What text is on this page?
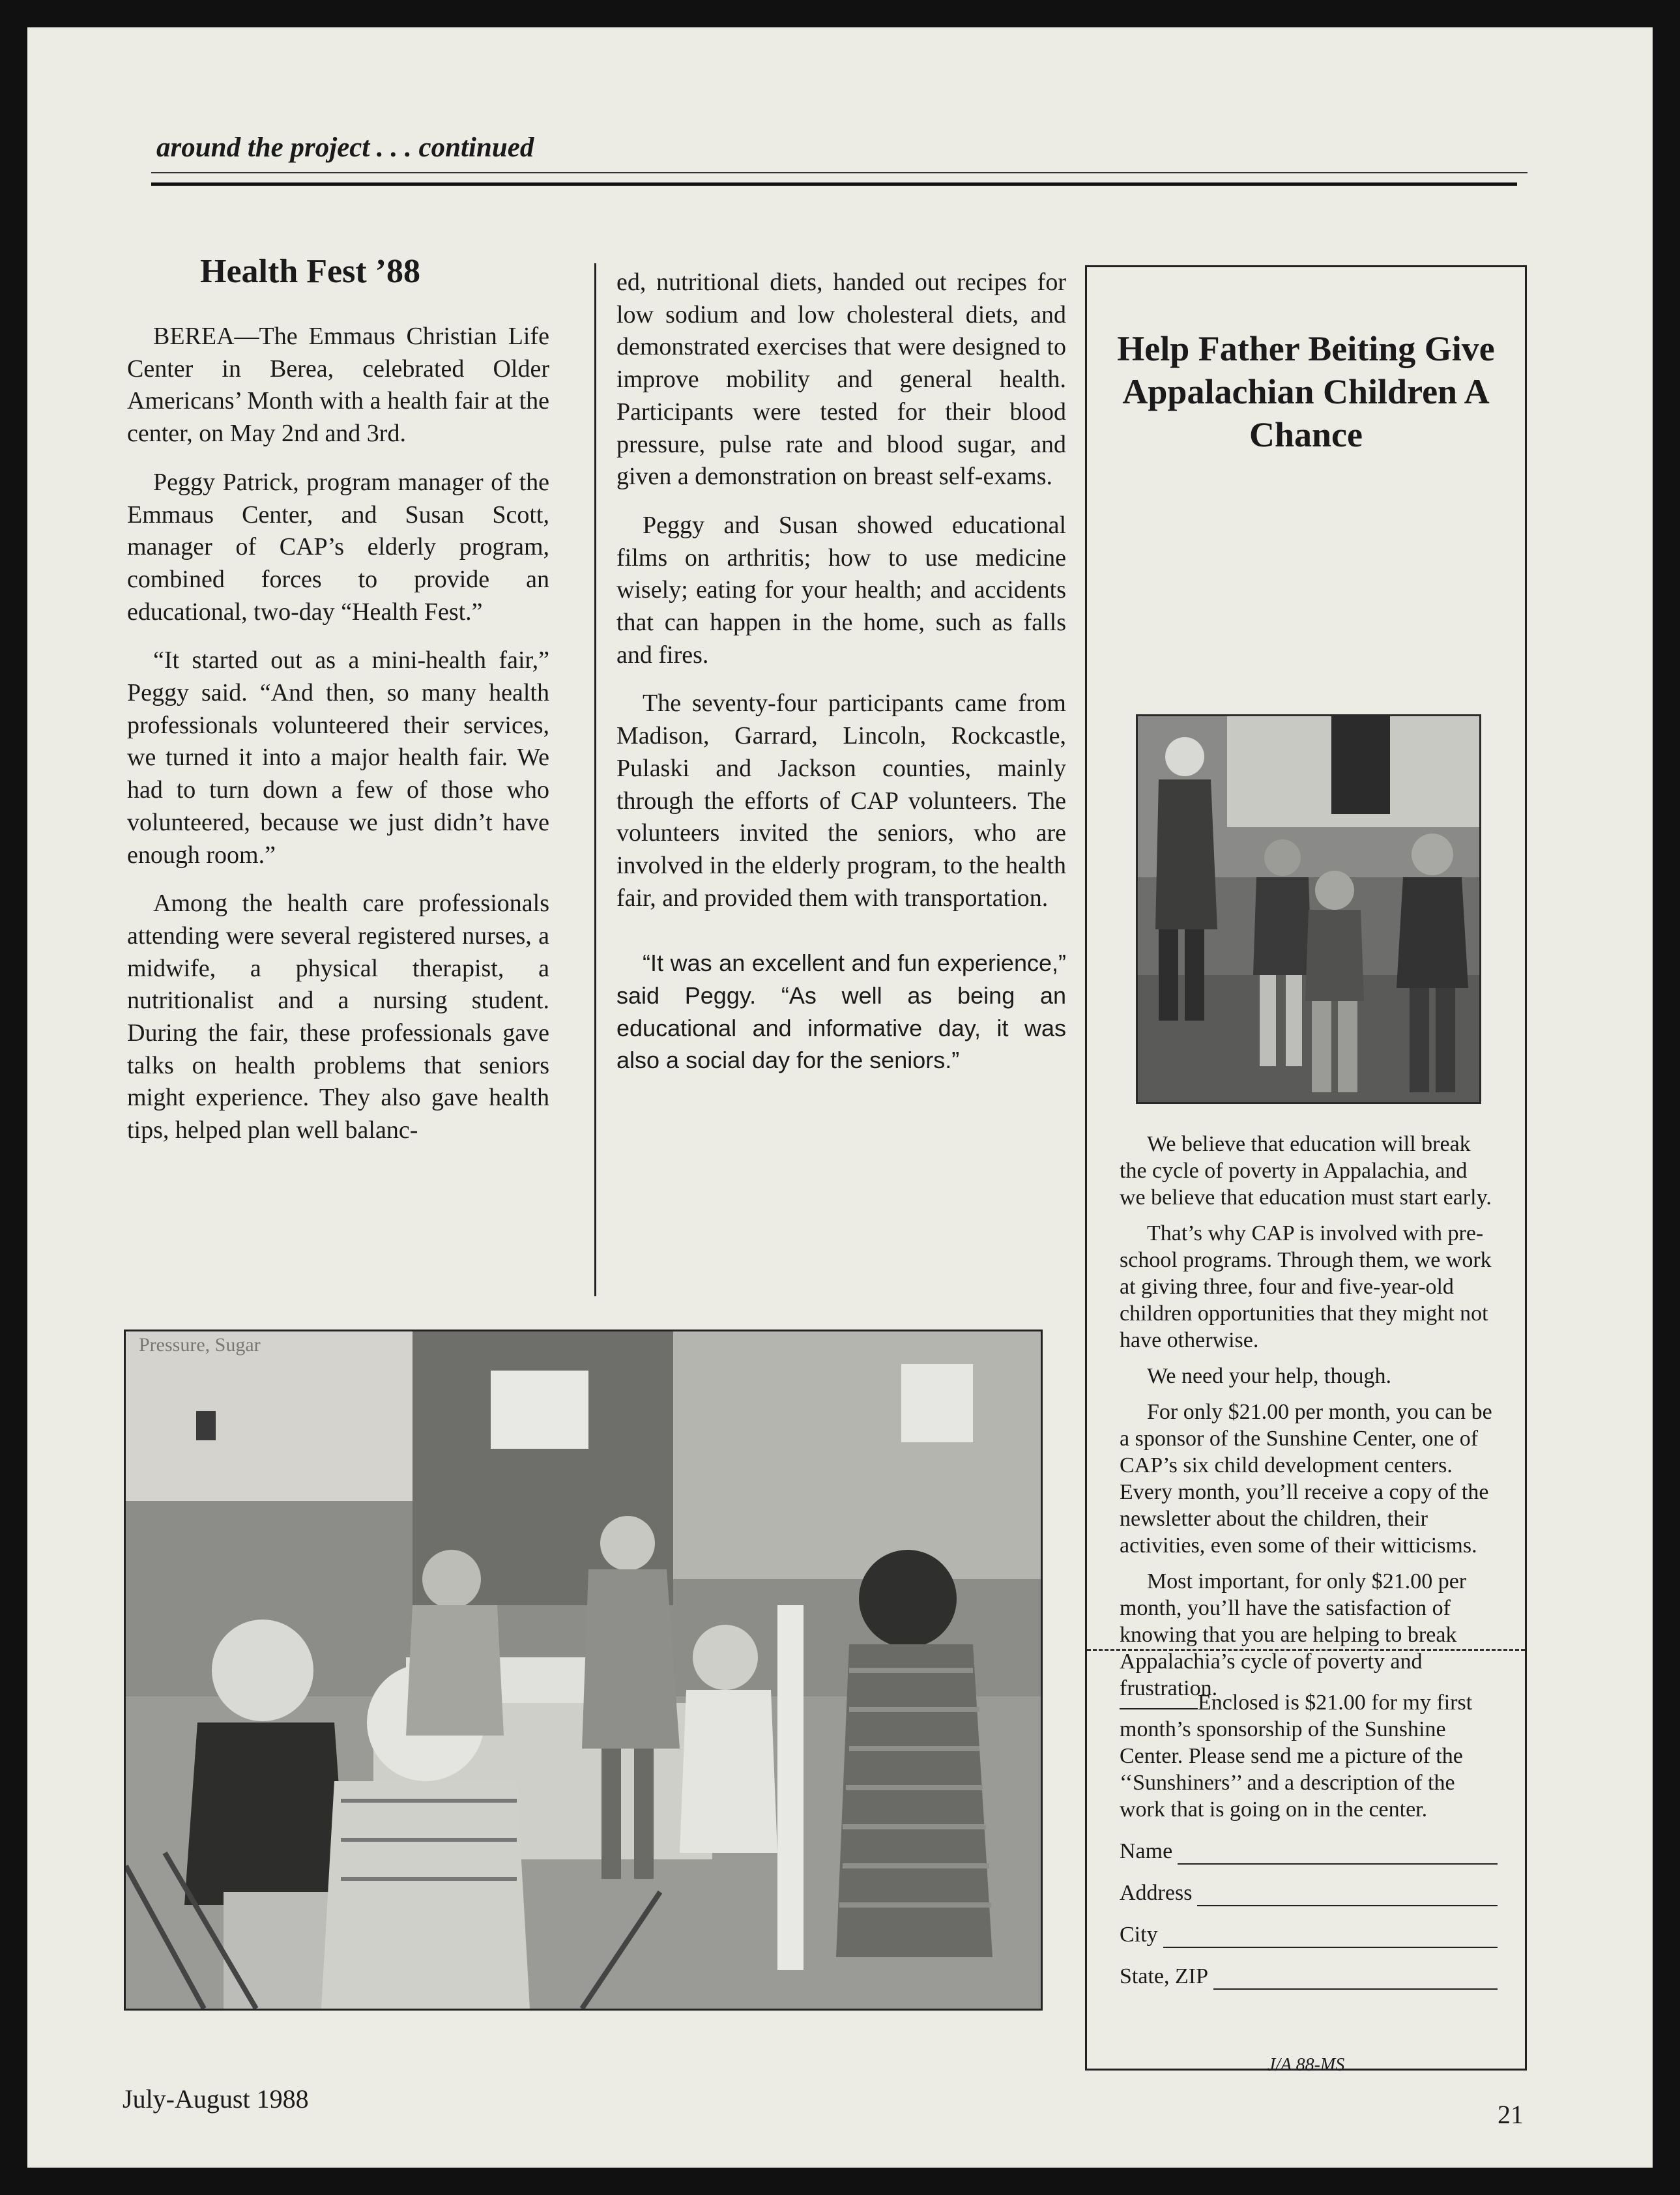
around the project . . . continued
Health Fest ’88

BEREA—The Emmaus Christian Life Center in Berea, celebrated Older Americans’ Month with a health fair at the center, on May 2nd and 3rd.

Peggy Patrick, program manager of the Emmaus Center, and Susan Scott, manager of CAP’s elderly program, combined forces to provide an educational, two-day “Health Fest.”

“It started out as a mini-health fair,” Peggy said. “And then, so many health professionals volunteered their services, we turned it into a major health fair. We had to turn down a few of those who volunteered, because we just didn’t have enough room.”

Among the health care professionals attending were several registered nurses, a midwife, a physical therapist, a nutritionalist and a nursing student. During the fair, these professionals gave talks on health problems that seniors might experience. They also gave health tips, helped plan well balanc-

ed, nutritional diets, handed out recipes for low sodium and low cholesteral diets, and demonstrated exercises that were designed to improve mobility and general health. Participants were tested for their blood pressure, pulse rate and blood sugar, and given a demonstration on breast self-exams.

Peggy and Susan showed educational films on arthritis; how to use medicine wisely; eating for your health; and accidents that can happen in the home, such as falls and fires.

The seventy-four participants came from Madison, Garrard, Lincoln, Rockcastle, Pulaski and Jackson counties, mainly through the efforts of CAP volunteers. The volunteers invited the seniors, who are involved in the elderly program, to the health fair, and provided them with transportation.

“It was an excellent and fun experience,” said Peggy. “As well as being an educational and informative day, it was also a social day for the seniors.”

Help Father Beiting Give Appalachian Children A Chance

We believe that education will break the cycle of poverty in Appalachia, and we believe that education must start early.

That’s why CAP is involved with pre-school programs. Through them, we work at giving three, four and five-year-old children opportunities that they might not have otherwise.

We need your help, though.

For only $21.00 per month, you can be a sponsor of the Sunshine Center, one of CAP’s six child development centers. Every month, you’ll receive a copy of the newsletter about the children, their activities, even some of their witticisms.

Most important, for only $21.00 per month, you’ll have the satisfaction of knowing that you are helping to break Appalachia’s cycle of poverty and frustration.

Enclosed is $21.00 for my first month’s sponsorship of the Sunshine Center. Please send me a picture of the ‘‘Sunshiners’’ and a description of the work that is going on in the center.
Name
Address
City
State, ZIP
J/A 88-MS
Pressure, Sugar
July-August 1988
21
